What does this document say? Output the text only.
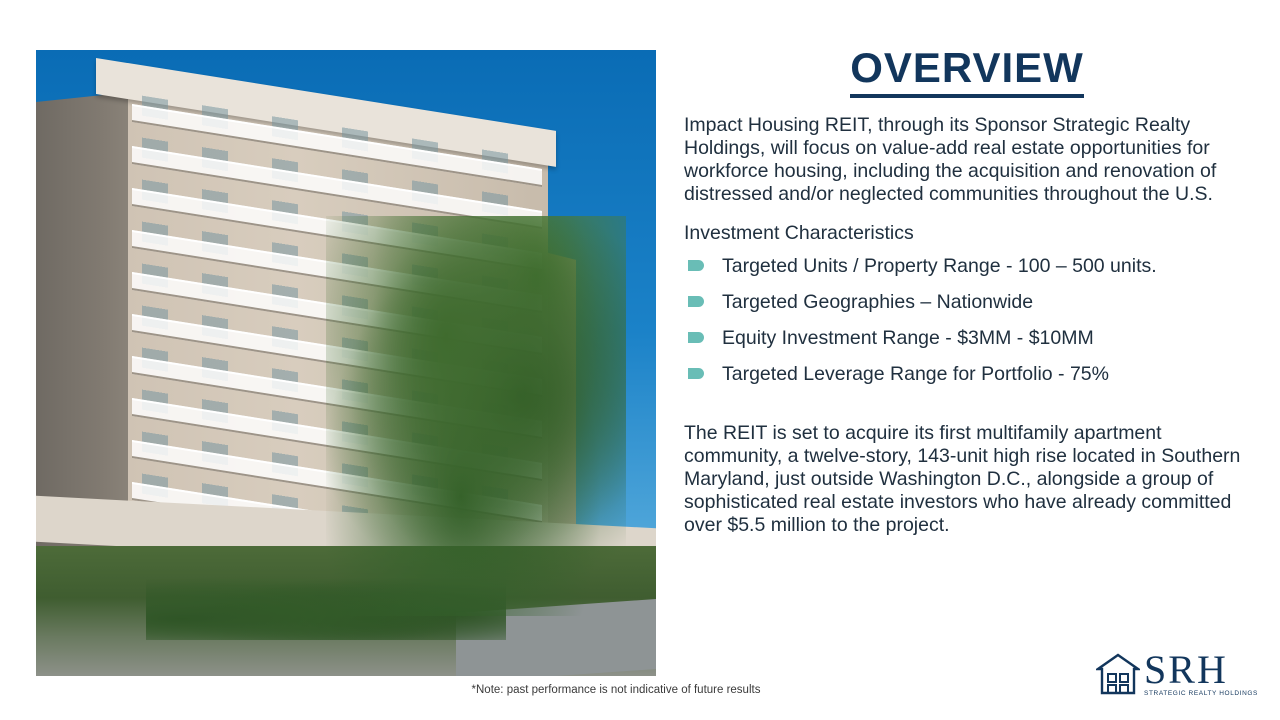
OVERVIEW

Impact Housing REIT, through its Sponsor Strategic Realty Holdings, will focus on value-add real estate opportunities for workforce housing, including the acquisition and renovation of distressed and/or neglected communities throughout the U.S.

Investment Characteristics

Targeted Units / Property Range - 100 – 500 units.
Targeted Geographies – Nationwide
Equity Investment Range - $3MM - $10MM
Targeted Leverage Range for Portfolio - 75%

The REIT is set to acquire its first multifamily apartment community, a twelve-story, 143-unit high rise located in Southern Maryland, just outside Washington D.C., alongside a group of sophisticated real estate investors who have already committed over $5.5 million to the project.

*Note: past performance is not indicative of future results	SRH
STRATEGIC REALTY HOLDINGS
